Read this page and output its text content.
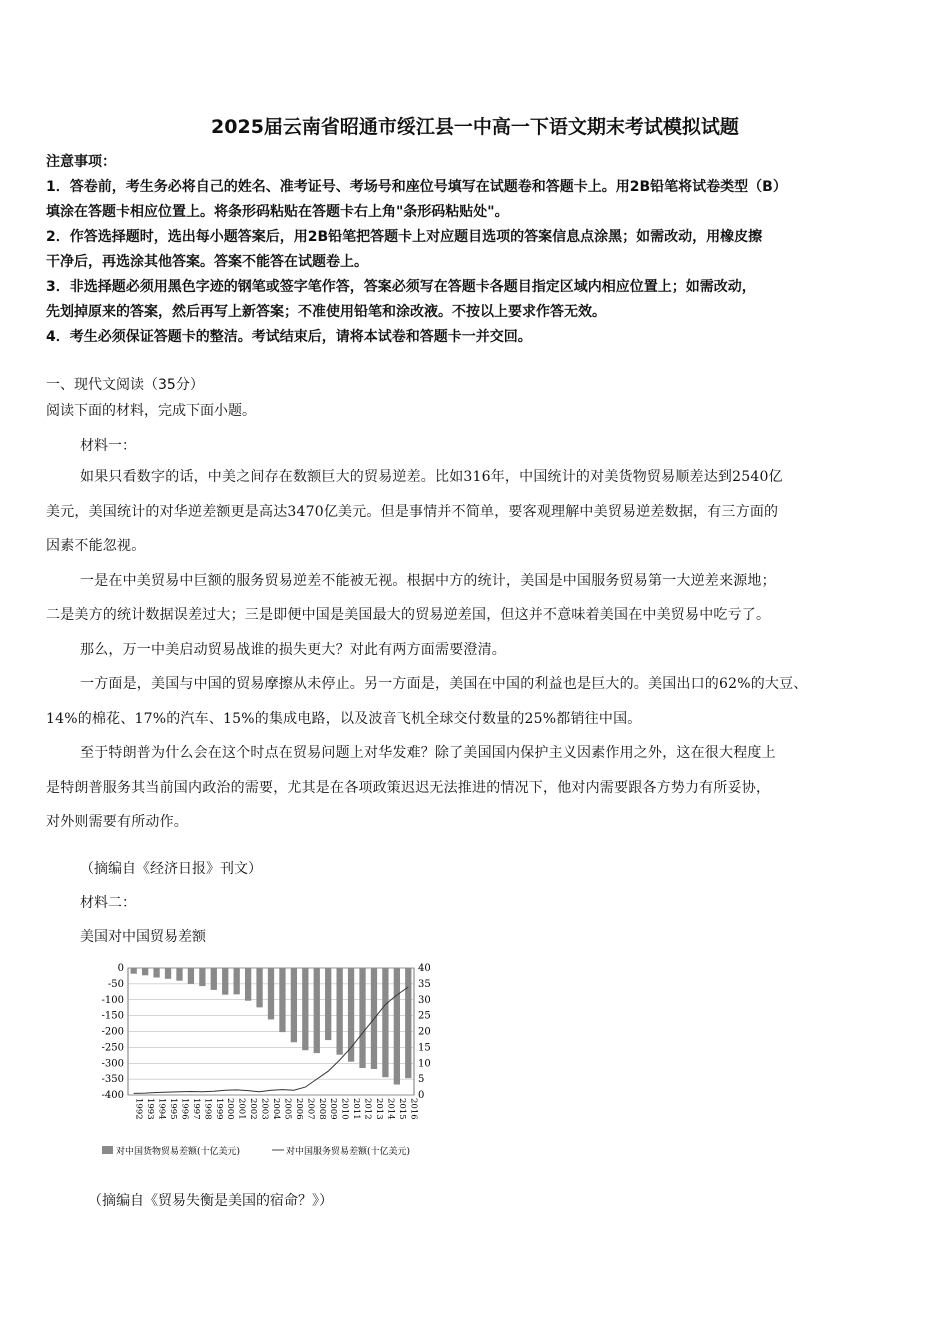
2025届云南省昭通市绥江县一中高一下语文期末考试模拟试题

注意事项：

1．答卷前，考生务必将自己的姓名、准考证号、考场号和座位号填写在试题卷和答题卡上。用2B铅笔将试卷类型（B）

填涂在答题卡相应位置上。将条形码粘贴在答题卡右上角"条形码粘贴处"。

2．作答选择题时，选出每小题答案后，用2B铅笔把答题卡上对应题目选项的答案信息点涂黑；如需改动，用橡皮擦

干净后，再选涂其他答案。答案不能答在试题卷上。

3．非选择题必须用黑色字迹的钢笔或签字笔作答，答案必须写在答题卡各题目指定区域内相应位置上；如需改动，

先划掉原来的答案，然后再写上新答案；不准使用铅笔和涂改液。不按以上要求作答无效。

4．考生必须保证答题卡的整洁。考试结束后，请将本试卷和答题卡一并交回。

一、现代文阅读（35分）
阅读下面的材料，完成下面小题。
材料一：

如果只看数字的话，中美之间存在数额巨大的贸易逆差。比如316年，中国统计的对美货物贸易顺差达到2540亿

美元，美国统计的对华逆差额更是高达3470亿美元。但是事情并不简单，要客观理解中美贸易逆差数据，有三方面的

因素不能忽视。

一是在中美贸易中巨额的服务贸易逆差不能被无视。根据中方的统计，美国是中国服务贸易第一大逆差来源地；

二是美方的统计数据误差过大；三是即便中国是美国最大的贸易逆差国，但这并不意味着美国在中美贸易中吃亏了。

那么，万一中美启动贸易战谁的损失更大？对此有两方面需要澄清。

一方面是，美国与中国的贸易摩擦从未停止。另一方面是，美国在中国的利益也是巨大的。美国出口的62%的大豆、

14%的棉花、17%的汽车、15%的集成电路，以及波音飞机全球交付数量的25%都销往中国。

至于特朗普为什么会在这个时点在贸易问题上对华发难？除了美国国内保护主义因素作用之外，这在很大程度上

是特朗普服务其当前国内政治的需要，尤其是在各项政策迟迟无法推进的情况下，他对内需要跟各方势力有所妥协，

对外则需要有所动作。

（摘编自《经济日报》刊文）
材料二：
美国对中国贸易差额
0
-50
-100
-150
-200
-250
-300
-350
-400
40
35
30
25
20
15
10
5
0
1992 1993 1994 1995 1996 1997 1998 1999 2000 2001 2002 2003 2004 2005 2006 2007 2008 2009 2010 2011 2012 2013 2014 2015 2016
对中国货物贸易差额(十亿美元)	对中国服务贸易差额(十亿美元)
（摘编自《贸易失衡是美国的宿命？》）
